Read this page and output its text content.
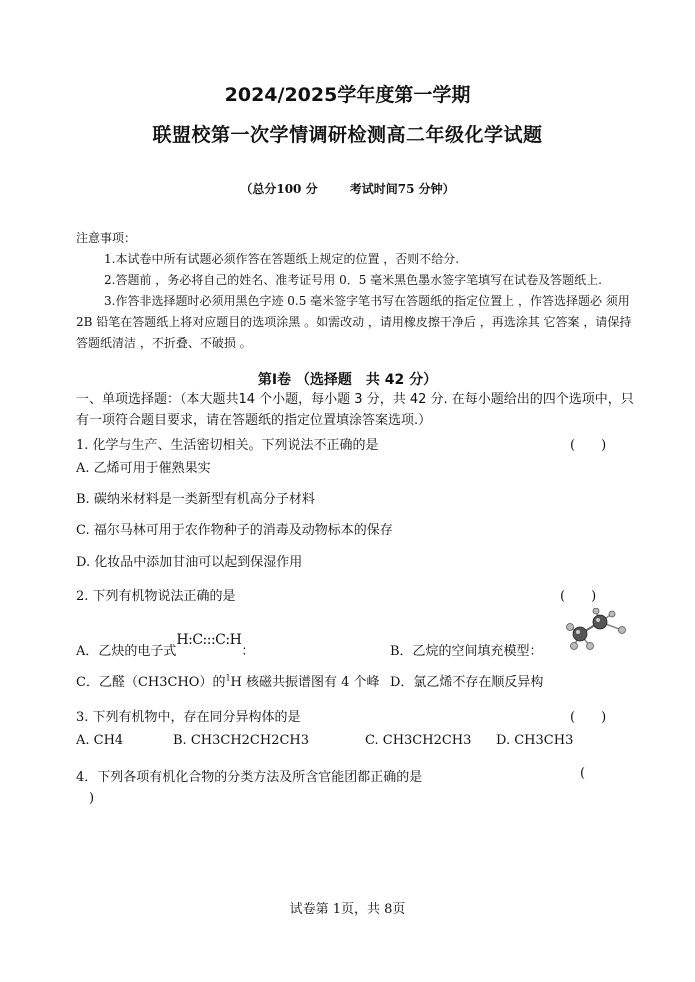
2024/2025学年度第一学期
联盟校第一次学情调研检测高二年级化学试题
（总分100 分	考试时间75 分钟）

注意事项：

1.本试卷中所有试题必须作答在答题纸上规定的位置 ，否则不给分.

2.答题前 ，务必将自己的姓名、准考证号用 0．5 毫米黑色墨水签字笔填写在试卷及答题纸上.

3.作答非选择题时必须用黑色字迹 0.5 毫米签字笔书写在答题纸的指定位置上 ，作答选择题必 须用 2B 铅笔在答题纸上将对应题目的选项涂黑 。如需改动 ，请用橡皮擦干净后 ，再选涂其 它答案 ，请保持答题纸清洁 ，不折叠、不破损 。

第Ⅰ卷 （选择题　共 42 分）
一、单项选择题：（本大题共14 个小题，每小题 3 分，共 42 分. 在每小题给出的四个选项中，只有一项符合题目要求，请在答题纸的指定位置填涂答案选项.）
1. 化学与生产、生活密切相关。下列说法不正确的是	(　　)
A. 乙烯可用于催熟果实
B. 碳纳米材料是一类新型有机高分子材料
C. 福尔马林可用于农作物种子的消毒及动物标本的保存
D. 化妆品中添加甘油可以起到保湿作用
2. 下列有机物说法正确的是	(　　)
A．乙炔的电子式H:C:::C:H：	B．乙烷的空间填充模型：
C．乙醛（CH3CHO）的$^1$H 核磁共振谱图有 4 个峰 D．氯乙烯不存在顺反异构
3. 下列有机物中，存在同分异构体的是	(　　)
A. CH4	B. CH3CH2CH2CH3	C. CH3CH2CH3 D. CH3CH3
4．下列各项有机化合物的分类方法及所含官能团都正确的是	(
)
试卷第 1页，共 8页
